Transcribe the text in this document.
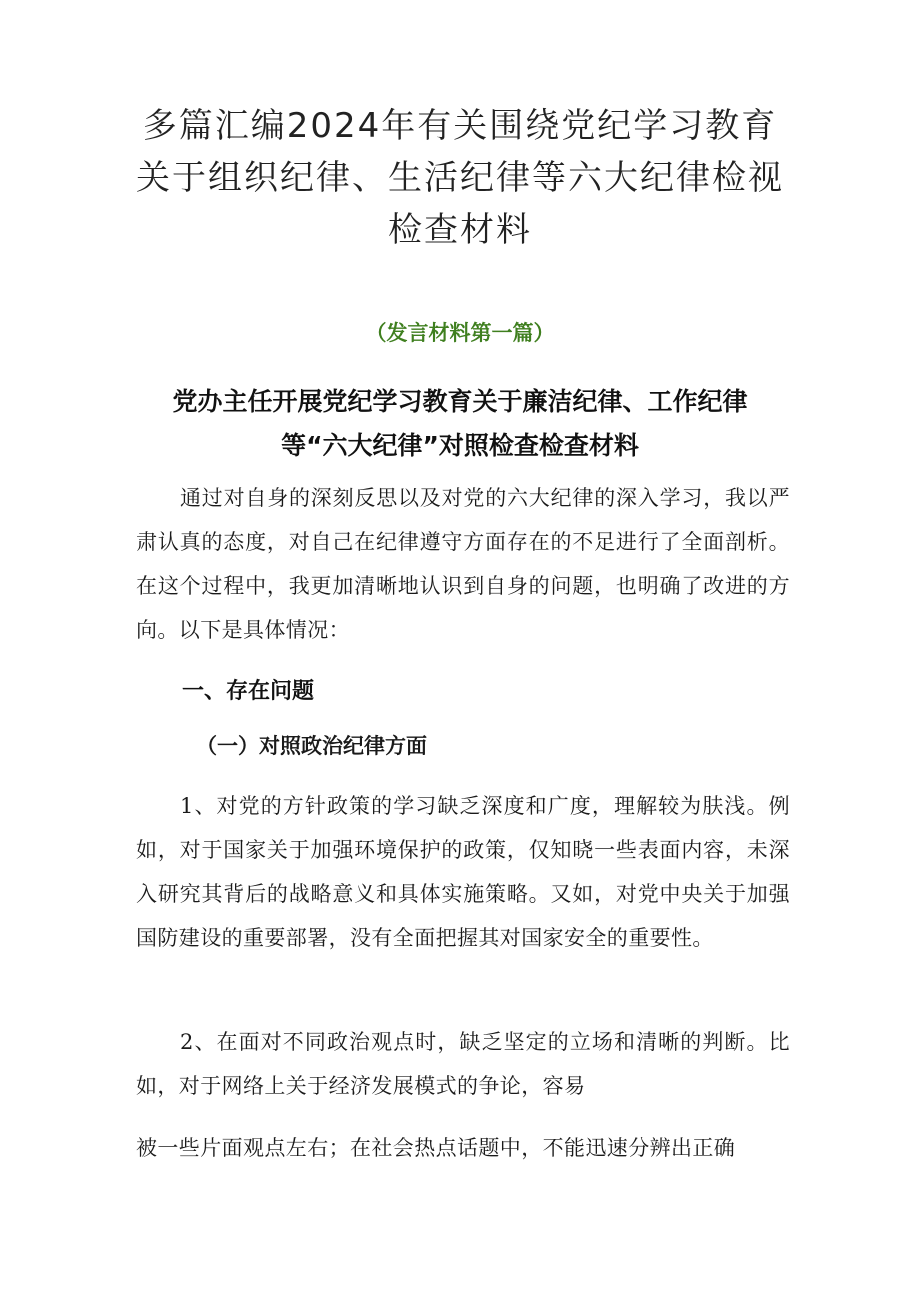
多篇汇编2024年有关围绕党纪学习教育关于组织纪律、生活纪律等六大纪律检视检查材料

（发言材料第一篇）

党办主任开展党纪学习教育关于廉洁纪律、工作纪律等“六大纪律”对照检查检查材料

通过对自身的深刻反思以及对党的六大纪律的深入学习，我以严肃认真的态度，对自己在纪律遵守方面存在的不足进行了全面剖析。在这个过程中，我更加清晰地认识到自身的问题，也明确了改进的方向。以下是具体情况：

一、存在问题
（一）对照政治纪律方面

1、对党的方针政策的学习缺乏深度和广度，理解较为肤浅。例如，对于国家关于加强环境保护的政策，仅知晓一些表面内容，未深入研究其背后的战略意义和具体实施策略。又如，对党中央关于加强国防建设的重要部署，没有全面把握其对国家安全的重要性。

2、在面对不同政治观点时，缺乏坚定的立场和清晰的判断。比如，对于网络上关于经济发展模式的争论，容易

被一些片面观点左右；在社会热点话题中，不能迅速分辨出正确
